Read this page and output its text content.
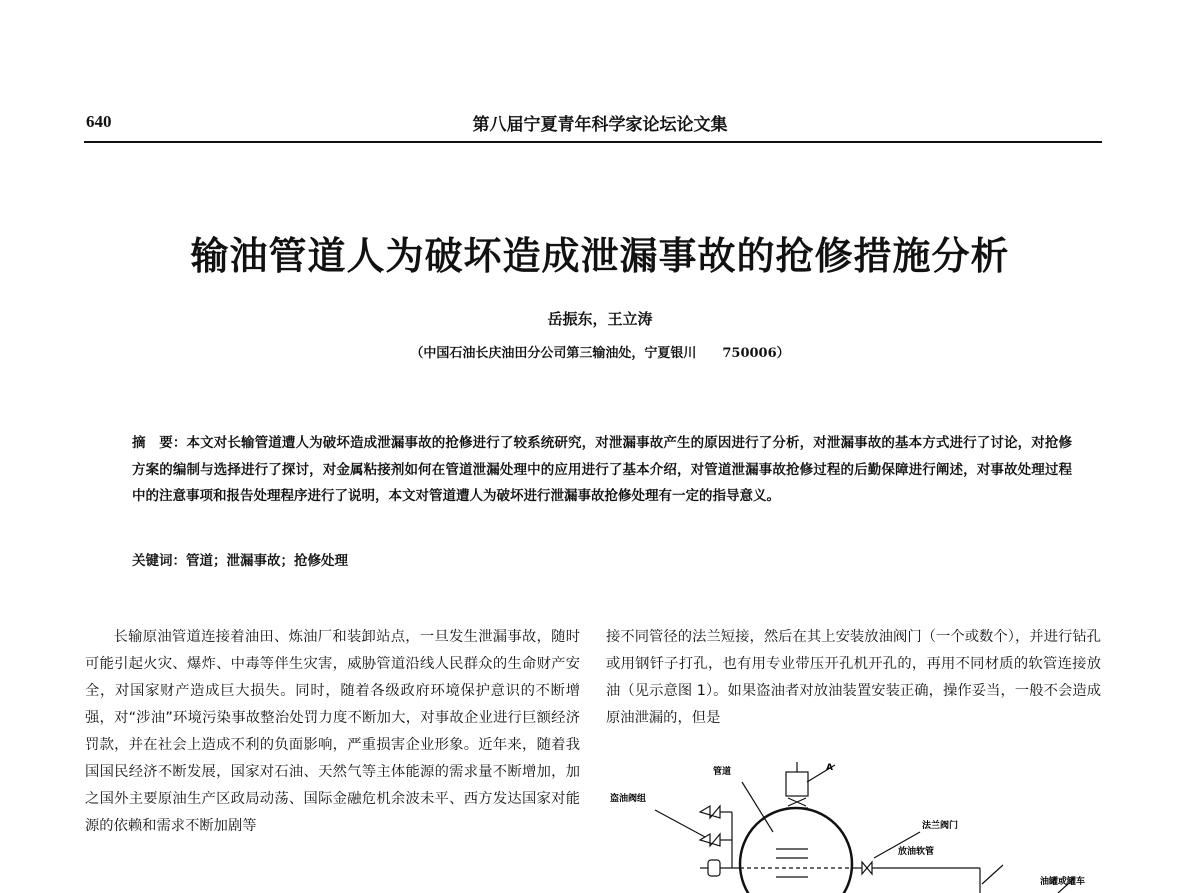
640	第八届宁夏青年科学家论坛论文集
输油管道人为破坏造成泄漏事故的抢修措施分析
岳振东，王立涛
（中国石油长庆油田分公司第三输油处，宁夏银川　　750006）
摘　要：本文对长输管道遭人为破坏造成泄漏事故的抢修进行了较系统研究，对泄漏事故产生的原因进行了分析，对泄漏事故的基本方式进行了讨论，对抢修方案的编制与选择进行了探讨，对金属粘接剂如何在管道泄漏处理中的应用进行了基本介绍，对管道泄漏事故抢修过程的后勤保障进行阐述，对事故处理过程中的注意事项和报告处理程序进行了说明，本文对管道遭人为破坏进行泄漏事故抢修处理有一定的指导意义。
关键词：管道；泄漏事故；抢修处理
长输原油管道连接着油田、炼油厂和装卸站点，一旦发生泄漏事故，随时可能引起火灾、爆炸、中毒等伴生灾害，威胁管道沿线人民群众的生命财产安全，对国家财产造成巨大损失。同时，随着各级政府环境保护意识的不断增强，对“涉油”环境污染事故整治处罚力度不断加大，对事故企业进行巨额经济罚款，并在社会上造成不利的负面影响，严重损害企业形象。近年来，随着我国国民经济不断发展，国家对石油、天然气等主体能源的需求量不断增加，加之国外主要原油生产区政局动荡、国际金融危机余波未平、西方发达国家对能源的依赖和需求不断加剧等
接不同管径的法兰短接，然后在其上安装放油阀门（一个或数个），并进行钻孔或用钢钎子打孔，也有用专业带压开孔机开孔的，再用不同材质的软管连接放油（见示意图 1）。如果盗油者对放油装置安装正确，操作妥当，一般不会造成原油泄漏的，但是
管道
盗油阀组
法兰阀门
放油软管
油罐或罐车
A
